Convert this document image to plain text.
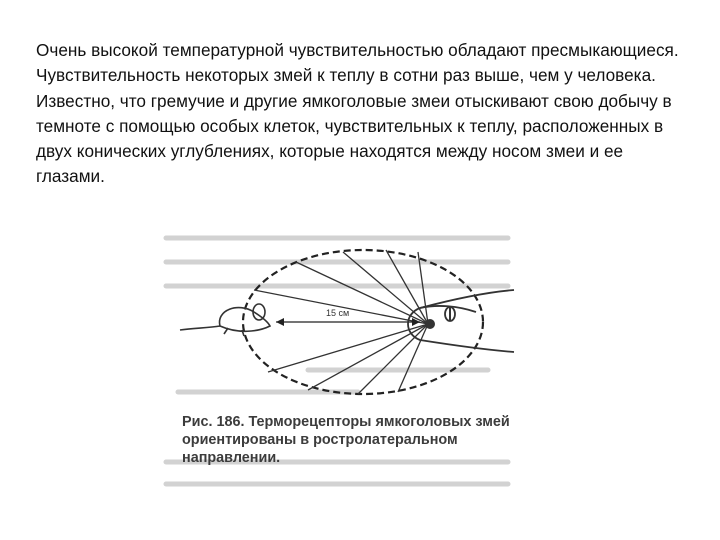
Очень высокой температурной чувствительностью обладают пресмыкающиеся. Чувствительность некоторых змей к теплу в сотни раз выше, чем у человека. Известно, что гремучие и другие ямкоголовые змеи отыскивают свою добычу в темноте с помощью особых клеток, чувствительных к теплу, расположенных в двух конических углублениях, которые находятся между носом змеи и ее глазами.

15 см
Рис. 186. Терморецепторы ямкоголовых змей ориентированы в ростролатеральном направлении.
